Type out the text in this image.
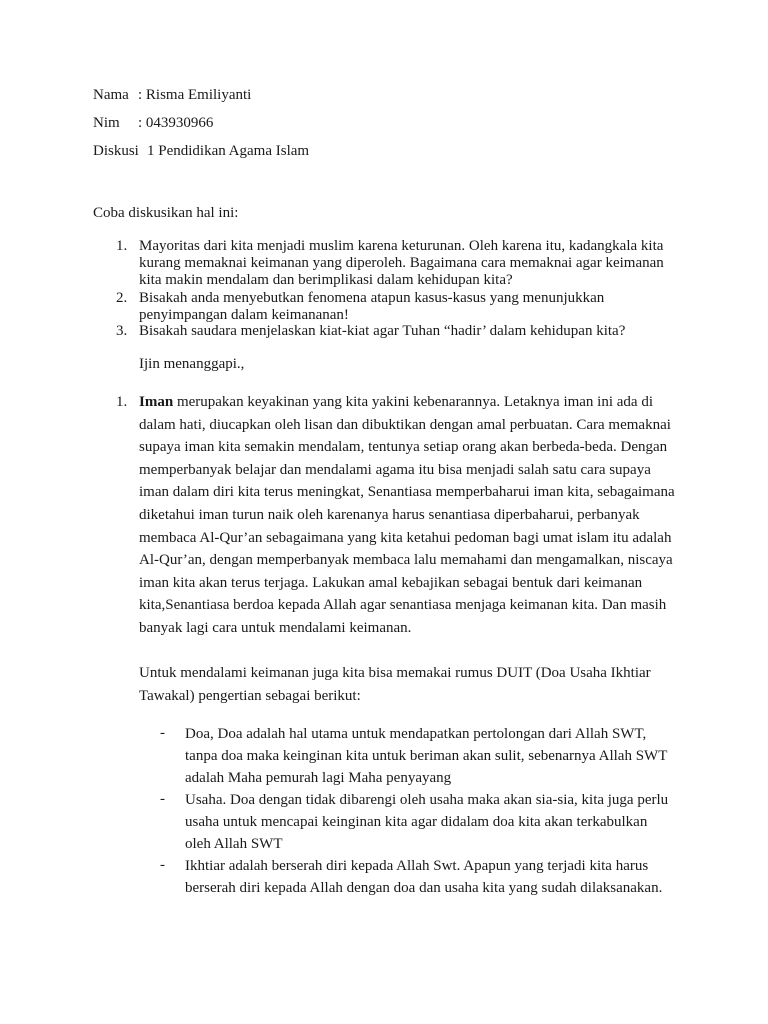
Nama : Risma Emiliyanti
Nim : 043930966
Diskusi 1 Pendidikan Agama Islam
Coba diskusikan hal ini:
1. Mayoritas dari kita menjadi muslim karena keturunan. Oleh karena itu, kadangkala kita kurang memaknai keimanan yang diperoleh. Bagaimana cara memaknai agar keimanan kita makin mendalam dan berimplikasi dalam kehidupan kita?
2. Bisakah anda menyebutkan fenomena atapun kasus-kasus yang menunjukkan penyimpangan dalam keimananan!
3. Bisakah saudara menjelaskan kiat-kiat agar Tuhan “hadir’ dalam kehidupan kita?
Ijin menanggapi.,
1. Iman merupakan keyakinan yang kita yakini kebenarannya. Letaknya iman ini ada di dalam hati, diucapkan oleh lisan dan dibuktikan dengan amal perbuatan. Cara memaknai supaya iman kita semakin mendalam, tentunya setiap orang akan berbeda-beda. Dengan memperbanyak belajar dan mendalami agama itu bisa menjadi salah satu cara supaya iman dalam diri kita terus meningkat, Senantiasa memperbaharui iman kita, sebagaimana diketahui iman turun naik oleh karenanya harus senantiasa diperbaharui, perbanyak membaca Al-Qur’an sebagaimana yang kita ketahui pedoman bagi umat islam itu adalah Al-Qur’an, dengan memperbanyak membaca lalu memahami dan mengamalkan, niscaya iman kita akan terus terjaga. Lakukan amal kebajikan sebagai bentuk dari keimanan kita,Senantiasa berdoa kepada Allah agar senantiasa menjaga keimanan kita. Dan masih banyak lagi cara untuk mendalami keimanan.
Untuk mendalami keimanan juga kita bisa memakai rumus DUIT (Doa Usaha Ikhtiar Tawakal) pengertian sebagai berikut:
- Doa, Doa adalah hal utama untuk mendapatkan pertolongan dari Allah SWT, tanpa doa maka keinginan kita untuk beriman akan sulit, sebenarnya Allah SWT adalah Maha pemurah lagi Maha penyayang
- Usaha. Doa dengan tidak dibarengi oleh usaha maka akan sia-sia, kita juga perlu usaha untuk mencapai keinginan kita agar didalam doa kita akan terkabulkan oleh Allah SWT
- Ikhtiar adalah berserah diri kepada Allah Swt. Apapun yang terjadi kita harus berserah diri kepada Allah dengan doa dan usaha kita yang sudah dilaksanakan.
